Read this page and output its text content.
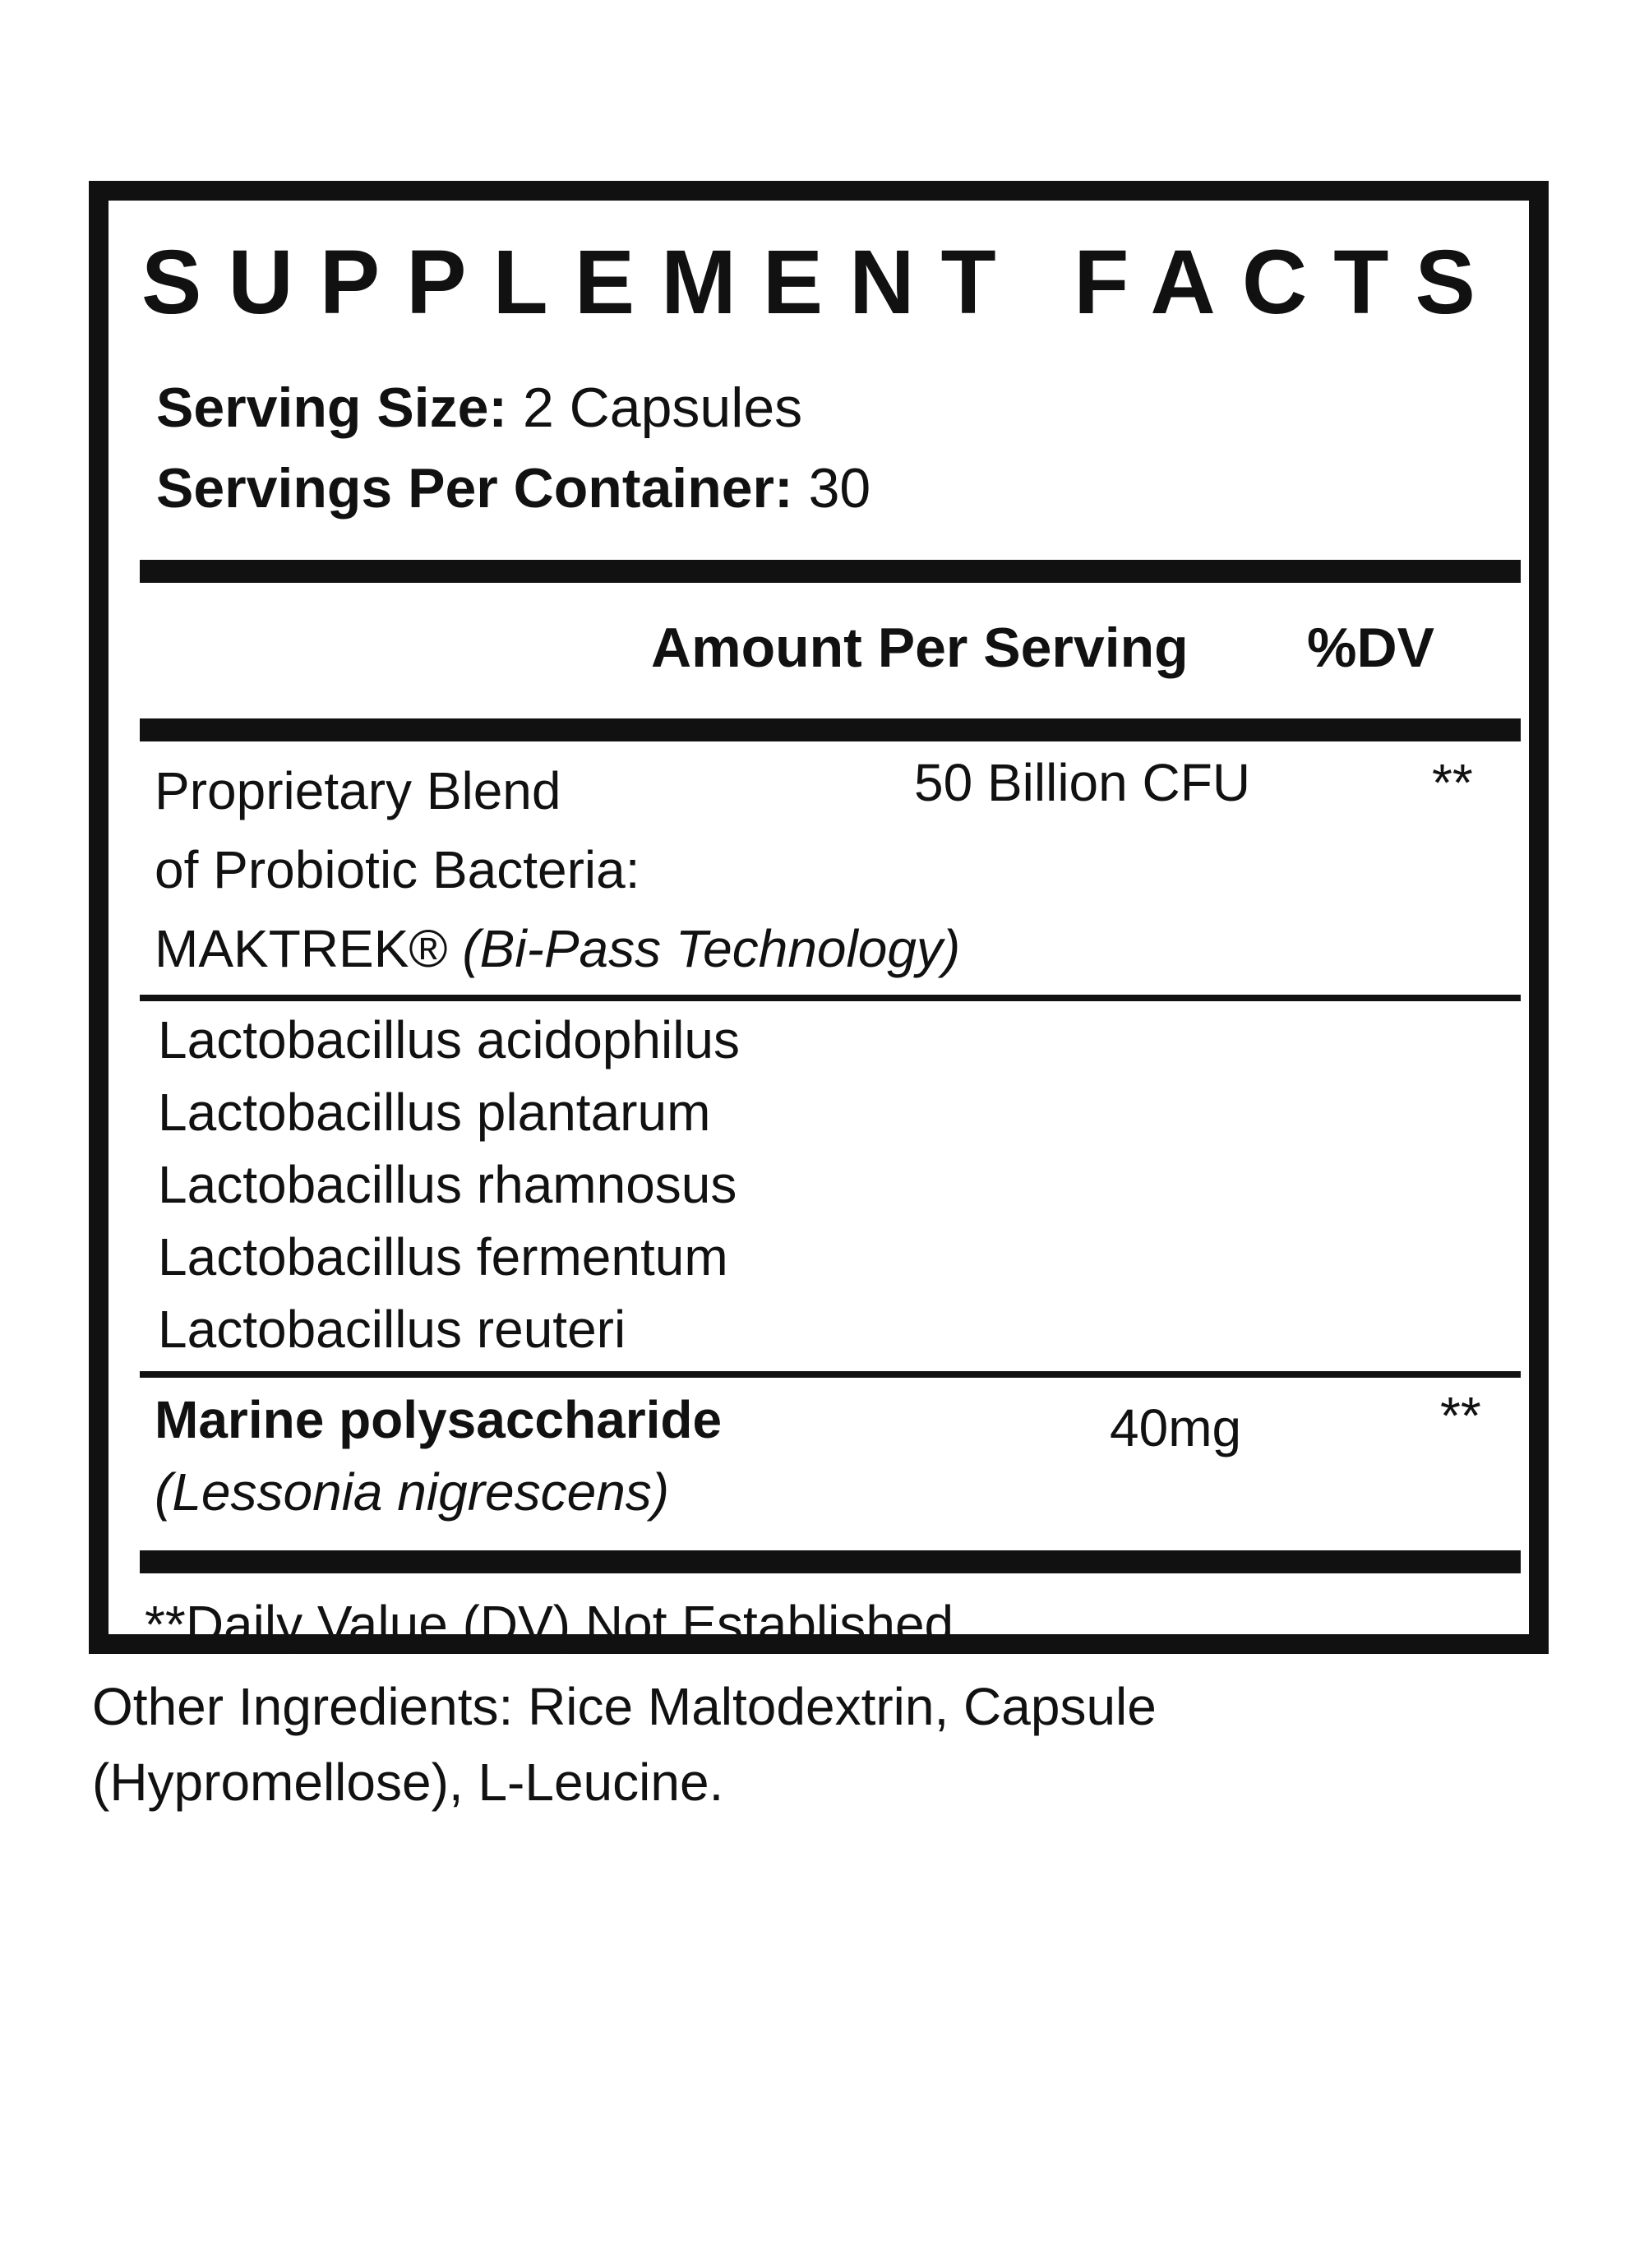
SUPPLEMENT FACTS
Serving Size: 2 Capsules
Servings Per Container: 30
Amount Per Serving %DV
Proprietary Blend	50 Billion CFU	**
of Probiotic Bacteria:
MAKTREK® (Bi-Pass Technology)
Lactobacillus acidophilus
Lactobacillus plantarum
Lactobacillus rhamnosus
Lactobacillus fermentum
Lactobacillus reuteri
Marine polysaccharide	40mg	**
(Lessonia nigrescens)
**Daily Value (DV) Not Established
Other Ingredients: Rice Maltodextrin, Capsule (Hypromellose), L-Leucine.
